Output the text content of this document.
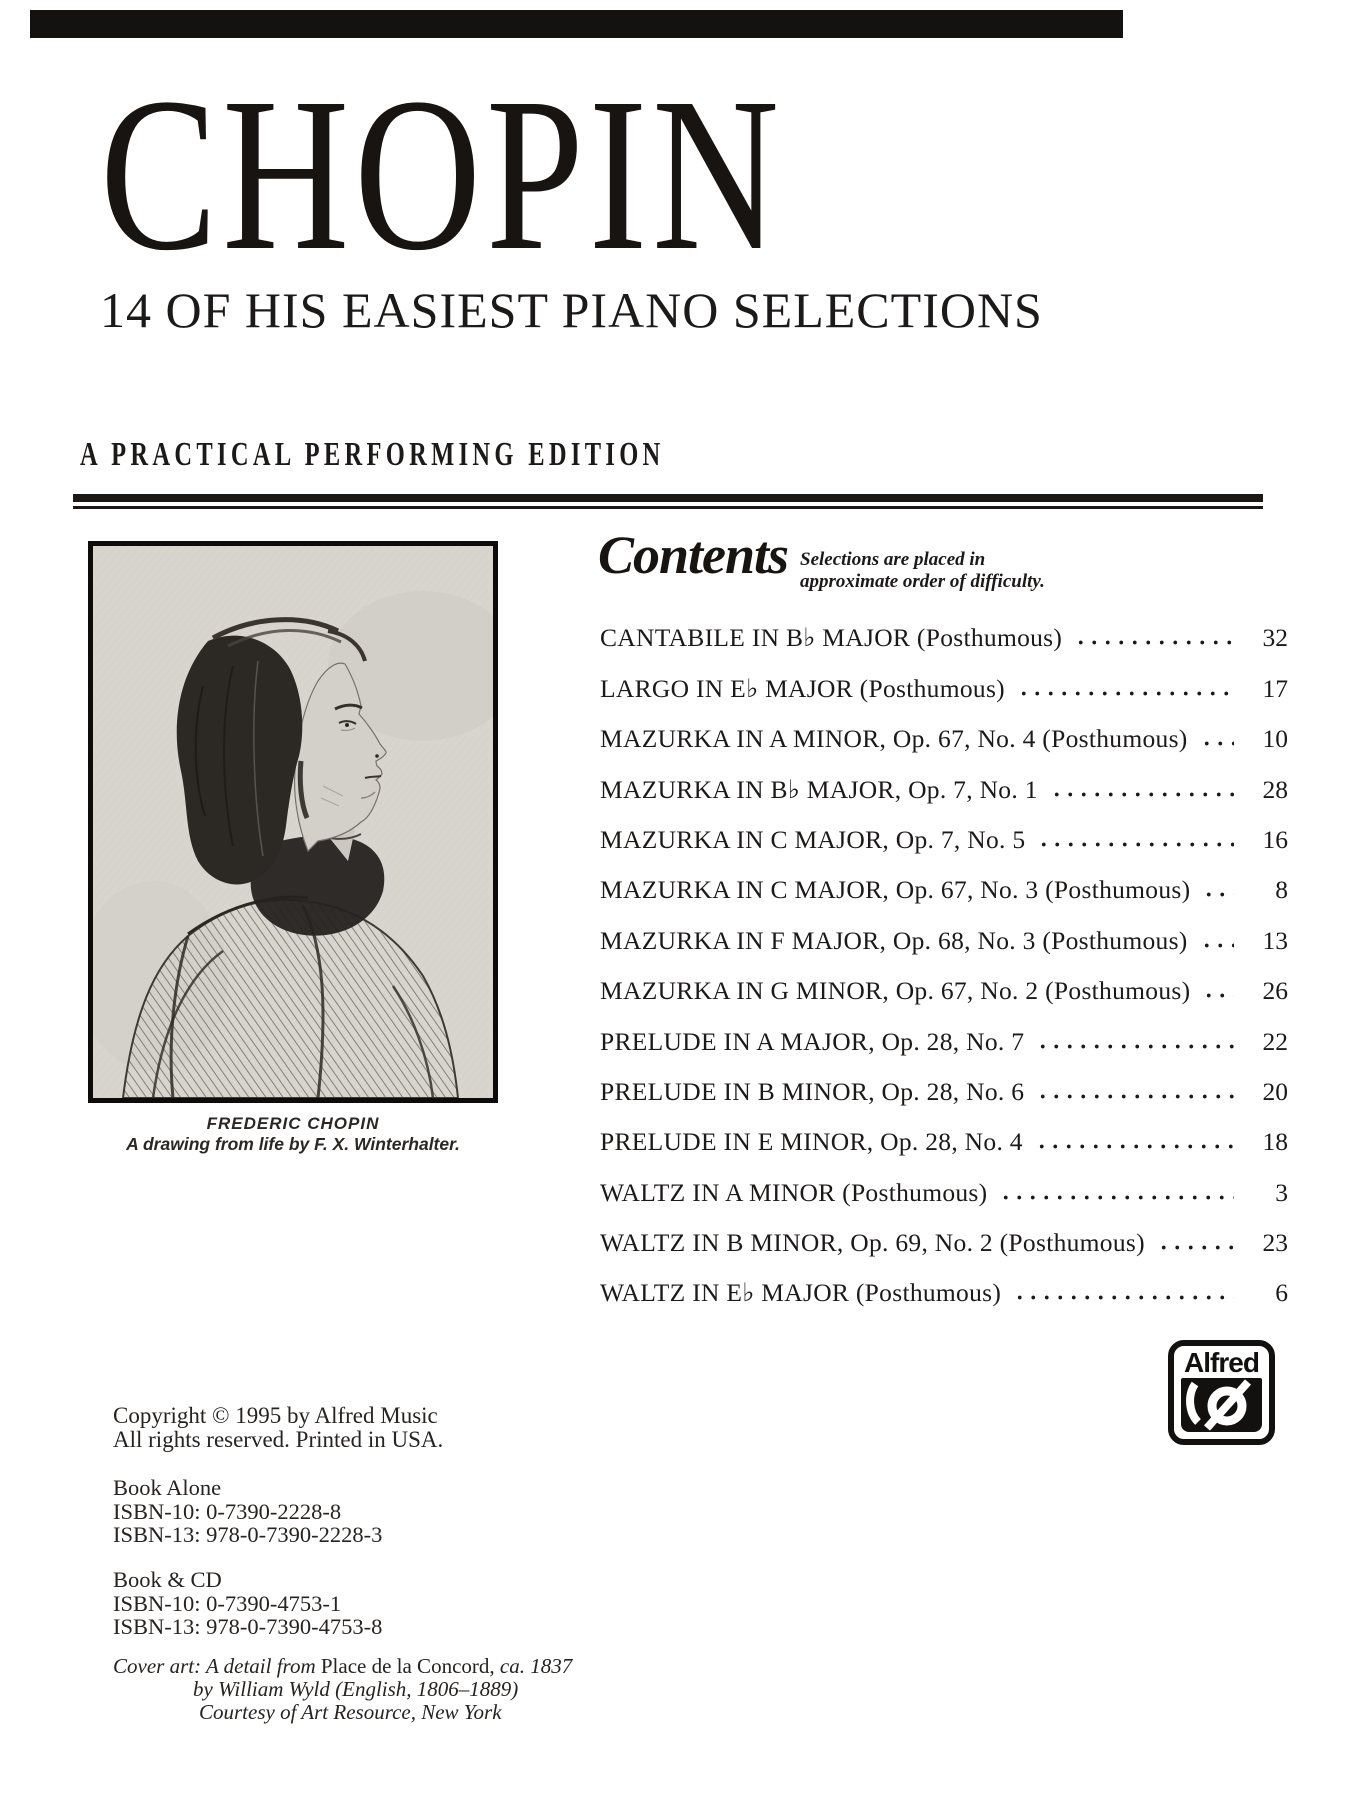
CHOPIN
14 OF HIS EASIEST PIANO SELECTIONS
A PRACTICAL PERFORMING EDITION
FREDERIC CHOPIN
A drawing from life by F. X. Winterhalter.
Contents Selections are placed in
approximate order of difficulty.
CANTABILE IN B♭ MAJOR (Posthumous)	32
LARGO IN E♭ MAJOR (Posthumous)	17
MAZURKA IN A MINOR, Op. 67, No. 4 (Posthumous)	10
MAZURKA IN B♭ MAJOR, Op. 7, No. 1	28
MAZURKA IN C MAJOR, Op. 7, No. 5	16
MAZURKA IN C MAJOR, Op. 67, No. 3 (Posthumous)	8
MAZURKA IN F MAJOR, Op. 68, No. 3 (Posthumous)	13
MAZURKA IN G MINOR, Op. 67, No. 2 (Posthumous)	26
PRELUDE IN A MAJOR, Op. 28, No. 7	22
PRELUDE IN B MINOR, Op. 28, No. 6	20
PRELUDE IN E MINOR, Op. 28, No. 4	18
WALTZ IN A MINOR (Posthumous)	3
WALTZ IN B MINOR, Op. 69, No. 2 (Posthumous)	23
WALTZ IN E♭ MAJOR (Posthumous)	6
Copyright © 1995 by Alfred Music
All rights reserved. Printed in USA.
Book Alone
ISBN-10: 0-7390-2228-8
ISBN-13: 978-0-7390-2228-3
Book & CD
ISBN-10: 0-7390-4753-1
ISBN-13: 978-0-7390-4753-8
Cover art: A detail from Place de la Concord, ca. 1837
by William Wyld (English, 1806–1889)
Courtesy of Art Resource, New York
Alfred
